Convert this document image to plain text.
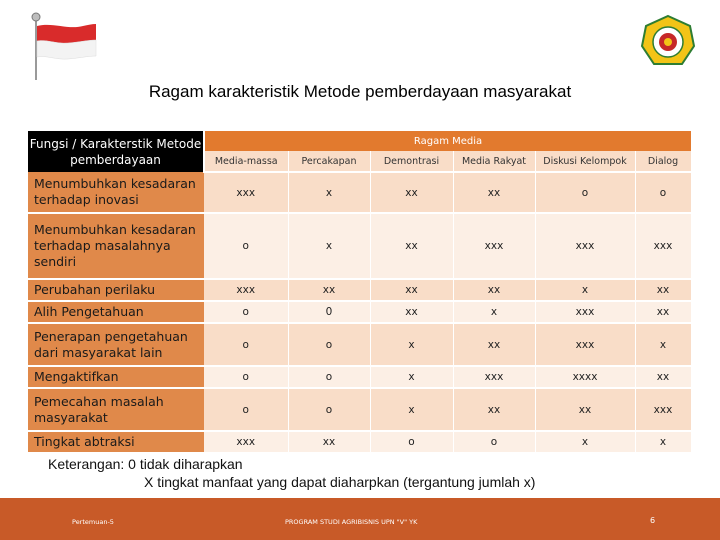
Ragam karakteristik Metode pemberdayaan masyarakat
Fungsi / Karakterstik Metode pemberdayaan	Ragam Media					
	Media-massa	Percakapan	Demontrasi	Media Rakyat	Diskusi Kelompok	Dialog
Menumbuhkan kesadaran terhadap inovasi	xxx	x	xx	xx	o	o
Menumbuhkan kesadaran terhadap masalahnya sendiri	o	x	xx	xxx	xxx	xxx
Perubahan perilaku	xxx	xx	xx	xx	x	xx
Alih Pengetahuan	o	0	xx	x	xxx	xx
Penerapan pengetahuan dari masyarakat lain	o	o	x	xx	xxx	x
Mengaktifkan	o	o	x	xxx	xxxx	xx
Pemecahan masalah masyarakat	o	o	x	xx	xx	xxx
Tingkat abtraksi	xxx	xx	o	o	x	x
Keterangan: 0 tidak diharapkan
X tingkat manfaat yang dapat diaharpkan (tergantung jumlah x)
Pertemuan-5	PROGRAM STUDI AGRIBISNIS UPN "V" YK	6
